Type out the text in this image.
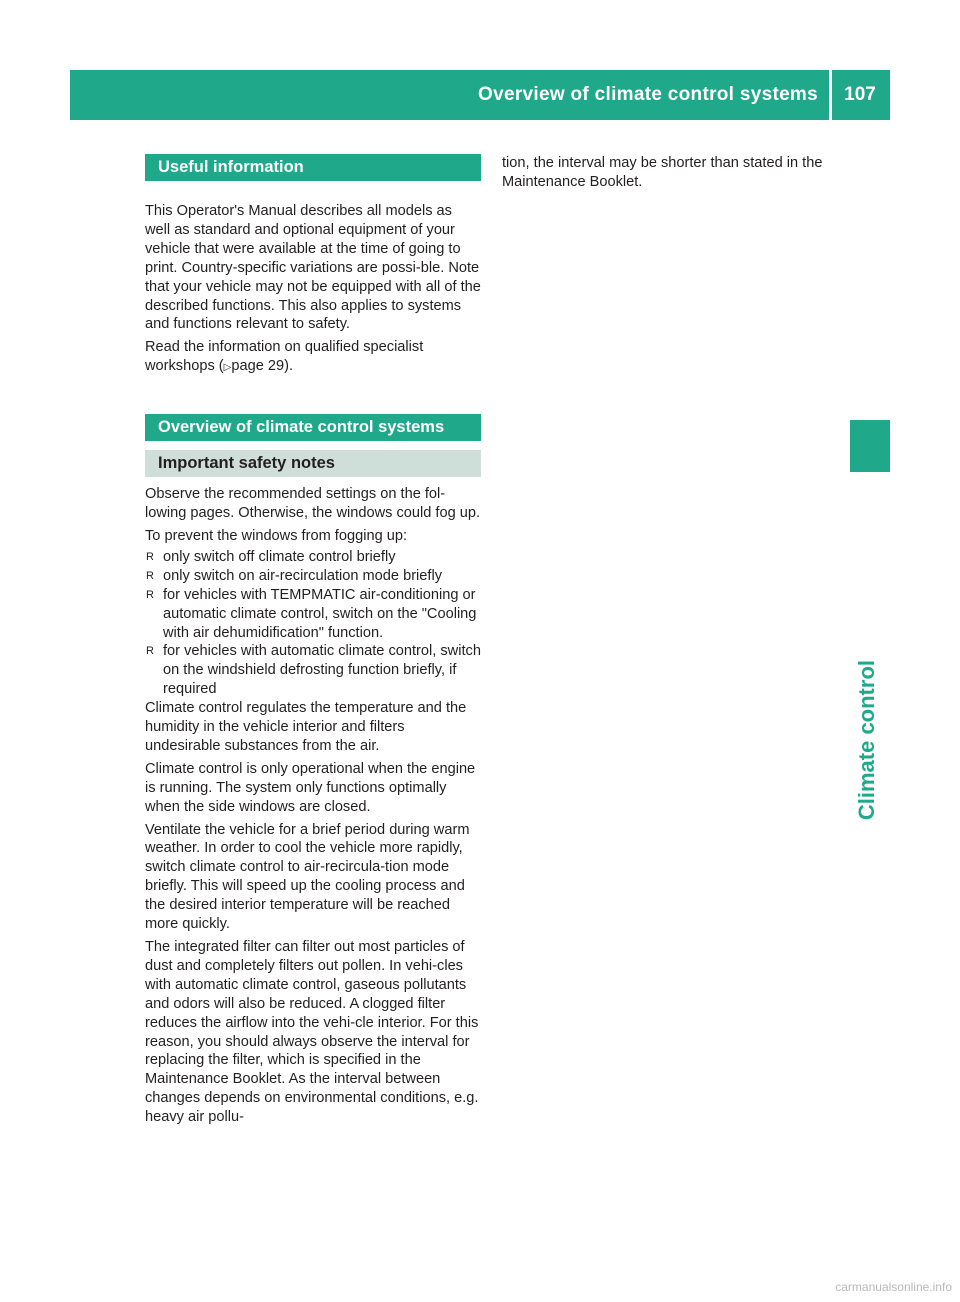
Overview of climate control systems	107
Climate control
Useful information

This Operator's Manual describes all models as well as standard and optional equipment of your vehicle that were available at the time of going to print. Country-specific variations are possi-ble. Note that your vehicle may not be equipped with all of the described functions. This also applies to systems and functions relevant to safety.

Read the information on qualified specialist workshops (▷page 29).

Overview of climate control systems
Important safety notes

Observe the recommended settings on the fol-lowing pages. Otherwise, the windows could fog up.

To prevent the windows from fogging up:

R only switch off climate control briefly
R only switch on air-recirculation mode briefly
R for vehicles with TEMPMATIC air-conditioning or automatic climate control, switch on the "Cooling with air dehumidification" function.
R for vehicles with automatic climate control, switch on the windshield defrosting function briefly, if required

Climate control regulates the temperature and the humidity in the vehicle interior and filters undesirable substances from the air.

Climate control is only operational when the engine is running. The system only functions optimally when the side windows are closed.

Ventilate the vehicle for a brief period during warm weather. In order to cool the vehicle more rapidly, switch climate control to air-recircula-tion mode briefly. This will speed up the cooling process and the desired interior temperature will be reached more quickly.

The integrated filter can filter out most particles of dust and completely filters out pollen. In vehi-cles with automatic climate control, gaseous pollutants and odors will also be reduced. A clogged filter reduces the airflow into the vehi-cle interior. For this reason, you should always observe the interval for replacing the filter, which is specified in the Maintenance Booklet. As the interval between changes depends on environmental conditions, e.g. heavy air pollu-

tion, the interval may be shorter than stated in the Maintenance Booklet.

carmanualsonline.info
